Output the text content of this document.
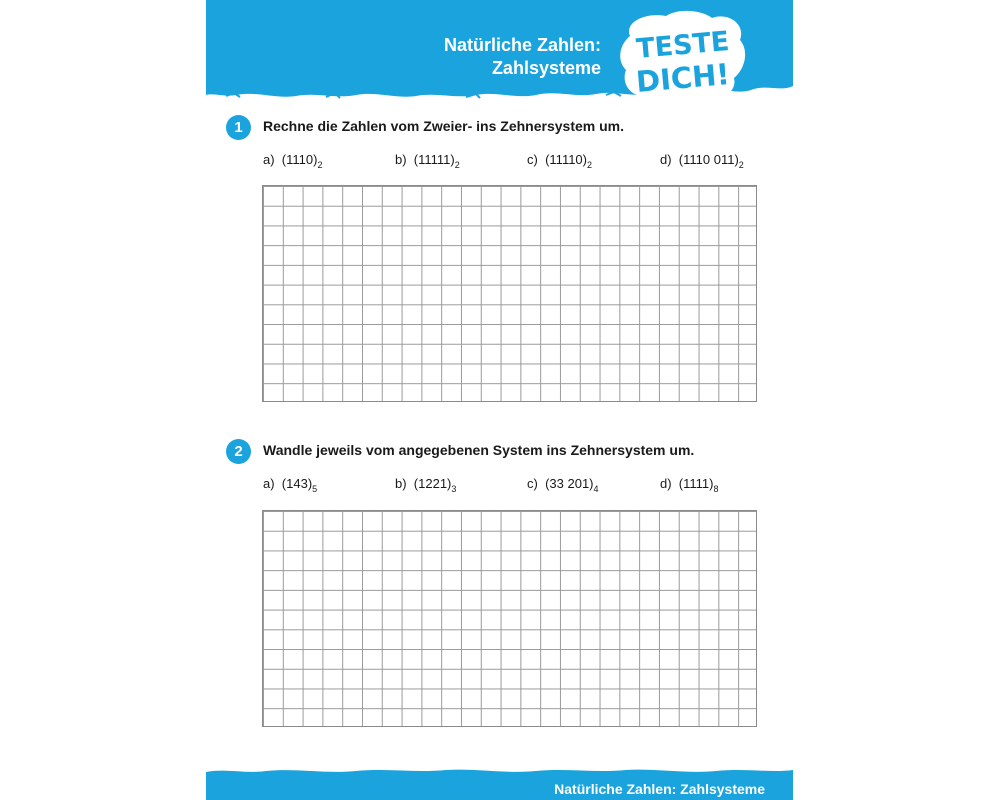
Natürliche Zahlen:
Zahlsysteme
TESTE
DICH!
1	Rechne die Zahlen vom Zweier- ins Zehnersystem um.

a) $(1110)_2$	b) $(11111)_2$	c) $(11110)_2$	d) (1110 $011)_2$
2	Wandle jeweils vom angegebenen System ins Zehnersystem um.

a) $(143)_5$	b) $(1221)_3$	c) (33 $201)_4$	d) $(1111)_8$

Natürliche Zahlen: Zahlsysteme
